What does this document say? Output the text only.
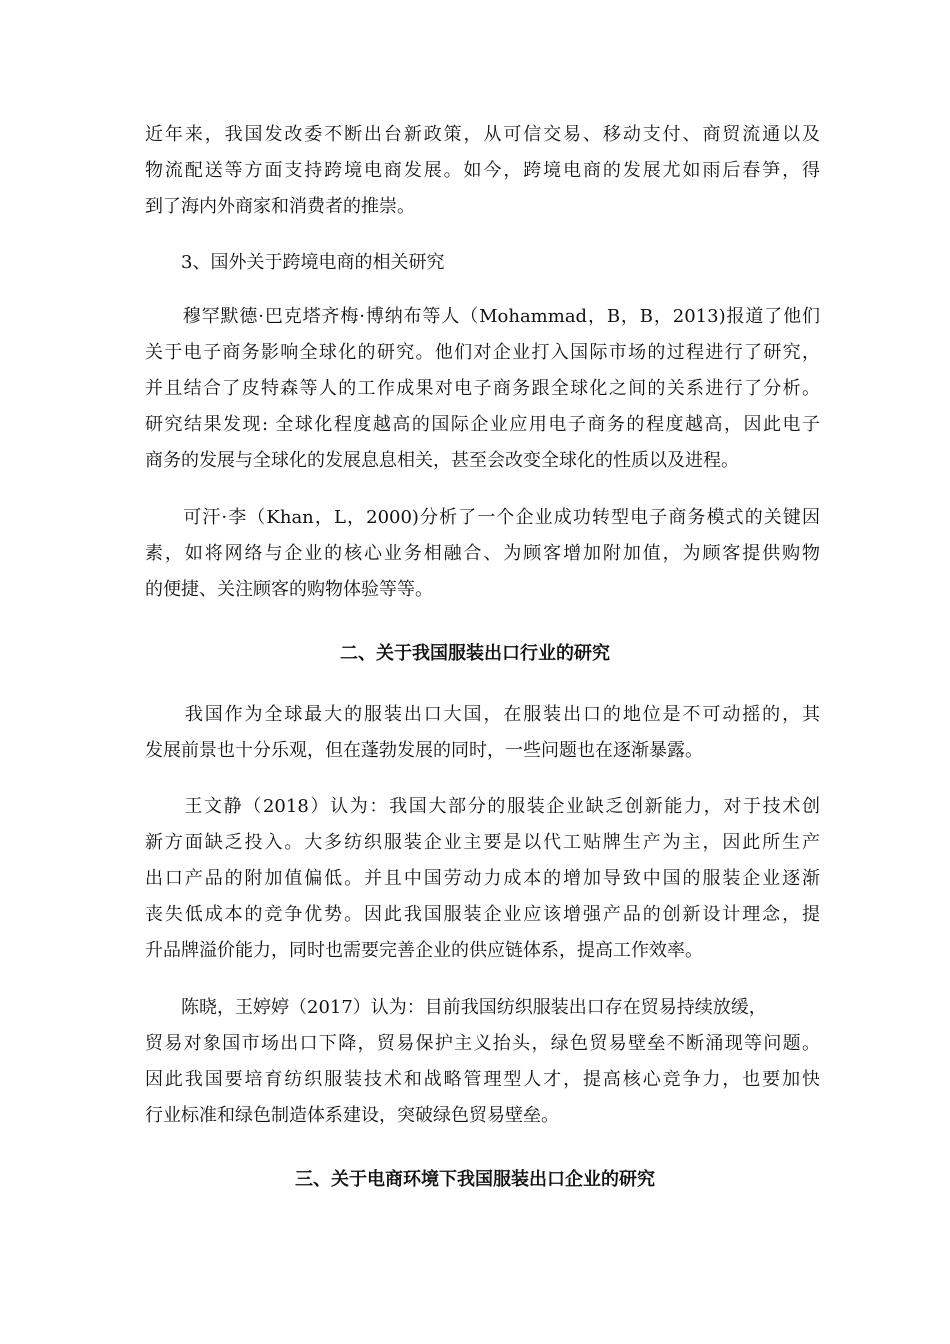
近年来，我国发改委不断出台新政策，从可信交易、移动支付、商贸流通以及
物流配送等方面支持跨境电商发展。如今，跨境电商的发展尤如雨后春笋，得
到了海内外商家和消费者的推崇。
　　3、国外关于跨境电商的相关研究
　　穆罕默德·巴克塔齐梅·博纳布等人（Mohammad，B，B，2013)报道了他们
关于电子商务影响全球化的研究。他们对企业打入国际市场的过程进行了研究，
并且结合了皮特森等人的工作成果对电子商务跟全球化之间的关系进行了分析。
研究结果发现: 全球化程度越高的国际企业应用电子商务的程度越高，因此电子
商务的发展与全球化的发展息息相关，甚至会改变全球化的性质以及进程。
　　可汗·李（Khan，L，2000)分析了一个企业成功转型电子商务模式的关键因
素，如将网络与企业的核心业务相融合、为顾客增加附加值，为顾客提供购物
的便捷、关注顾客的购物体验等等。
二、关于我国服装出口行业的研究
　　我国作为全球最大的服装出口大国，在服装出口的地位是不可动摇的，其
发展前景也十分乐观，但在蓬勃发展的同时，一些问题也在逐渐暴露。
　　王文静（2018）认为：我国大部分的服装企业缺乏创新能力，对于技术创
新方面缺乏投入。大多纺织服装企业主要是以代工贴牌生产为主，因此所生产
出口产品的附加值偏低。并且中国劳动力成本的增加导致中国的服装企业逐渐
丧失低成本的竞争优势。因此我国服装企业应该增强产品的创新设计理念，提
升品牌溢价能力，同时也需要完善企业的供应链体系，提高工作效率。
　　陈晓，王婷婷（2017）认为：目前我国纺织服装出口存在贸易持续放缓，
贸易对象国市场出口下降，贸易保护主义抬头，绿色贸易壁垒不断涌现等问题。
因此我国要培育纺织服装技术和战略管理型人才，提高核心竞争力，也要加快
行业标准和绿色制造体系建设，突破绿色贸易壁垒。
三、关于电商环境下我国服装出口企业的研究
